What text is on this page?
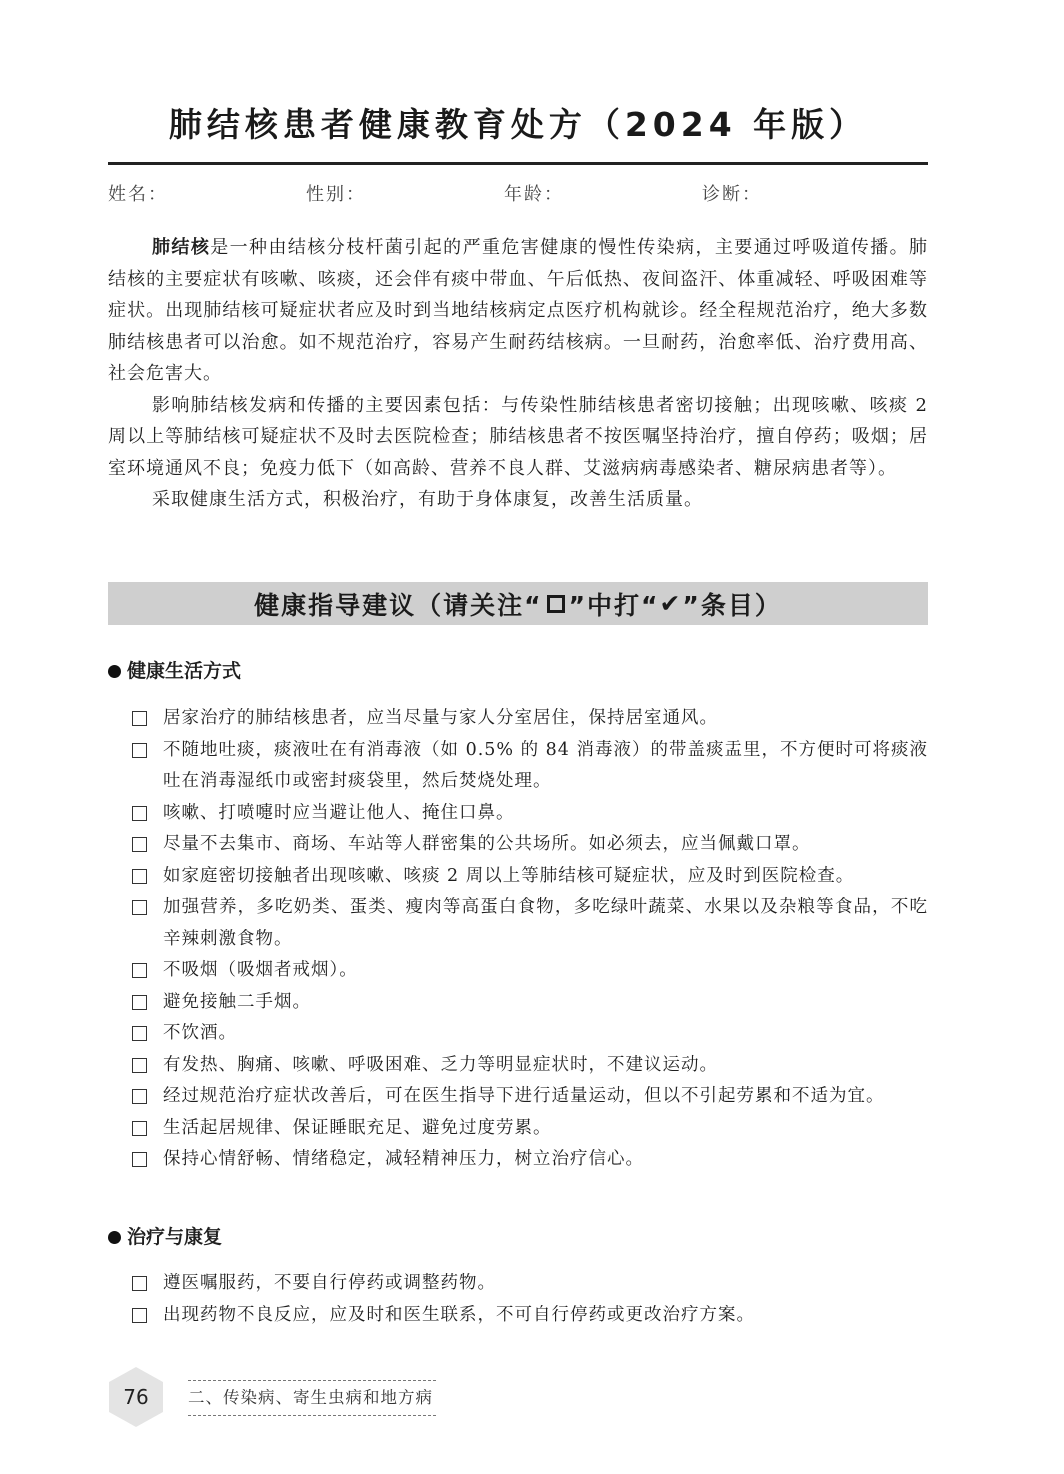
肺结核患者健康教育处方（2024 年版）
姓名：	性别：	年龄：	诊断：

肺结核是一种由结核分枝杆菌引起的严重危害健康的慢性传染病，主要通过呼吸道传播。肺结核的主要症状有咳嗽、咳痰，还会伴有痰中带血、午后低热、夜间盗汗、体重减轻、呼吸困难等症状。出现肺结核可疑症状者应及时到当地结核病定点医疗机构就诊。经全程规范治疗，绝大多数肺结核患者可以治愈。如不规范治疗，容易产生耐药结核病。一旦耐药，治愈率低、治疗费用高、社会危害大。

影响肺结核发病和传播的主要因素包括：与传染性肺结核患者密切接触；出现咳嗽、咳痰 2 周以上等肺结核可疑症状不及时去医院检查；肺结核患者不按医嘱坚持治疗，擅自停药；吸烟；居室环境通风不良；免疫力低下（如高龄、营养不良人群、艾滋病病毒感染者、糖尿病患者等）。

采取健康生活方式，积极治疗，有助于身体康复，改善生活质量。

健康指导建议（请关注“ ”中打“ ✔ ”条目）
健康生活方式
居家治疗的肺结核患者，应当尽量与家人分室居住，保持居室通风。
不随地吐痰，痰液吐在有消毒液（如 0.5% 的 84 消毒液）的带盖痰盂里，不方便时可将痰液吐在消毒湿纸巾或密封痰袋里，然后焚烧处理。
咳嗽、打喷嚏时应当避让他人、掩住口鼻。
尽量不去集市、商场、车站等人群密集的公共场所。如必须去，应当佩戴口罩。
如家庭密切接触者出现咳嗽、咳痰 2 周以上等肺结核可疑症状，应及时到医院检查。
加强营养，多吃奶类、蛋类、瘦肉等高蛋白食物，多吃绿叶蔬菜、水果以及杂粮等食品，不吃辛辣刺激食物。
不吸烟（吸烟者戒烟）。
避免接触二手烟。
不饮酒。
有发热、胸痛、咳嗽、呼吸困难、乏力等明显症状时，不建议运动。
经过规范治疗症状改善后，可在医生指导下进行适量运动，但以不引起劳累和不适为宜。
生活起居规律、保证睡眠充足、避免过度劳累。
保持心情舒畅、情绪稳定，减轻精神压力，树立治疗信心。
治疗与康复
遵医嘱服药，不要自行停药或调整药物。
出现药物不良反应，应及时和医生联系，不可自行停药或更改治疗方案。
76	二、传染病、寄生虫病和地方病
